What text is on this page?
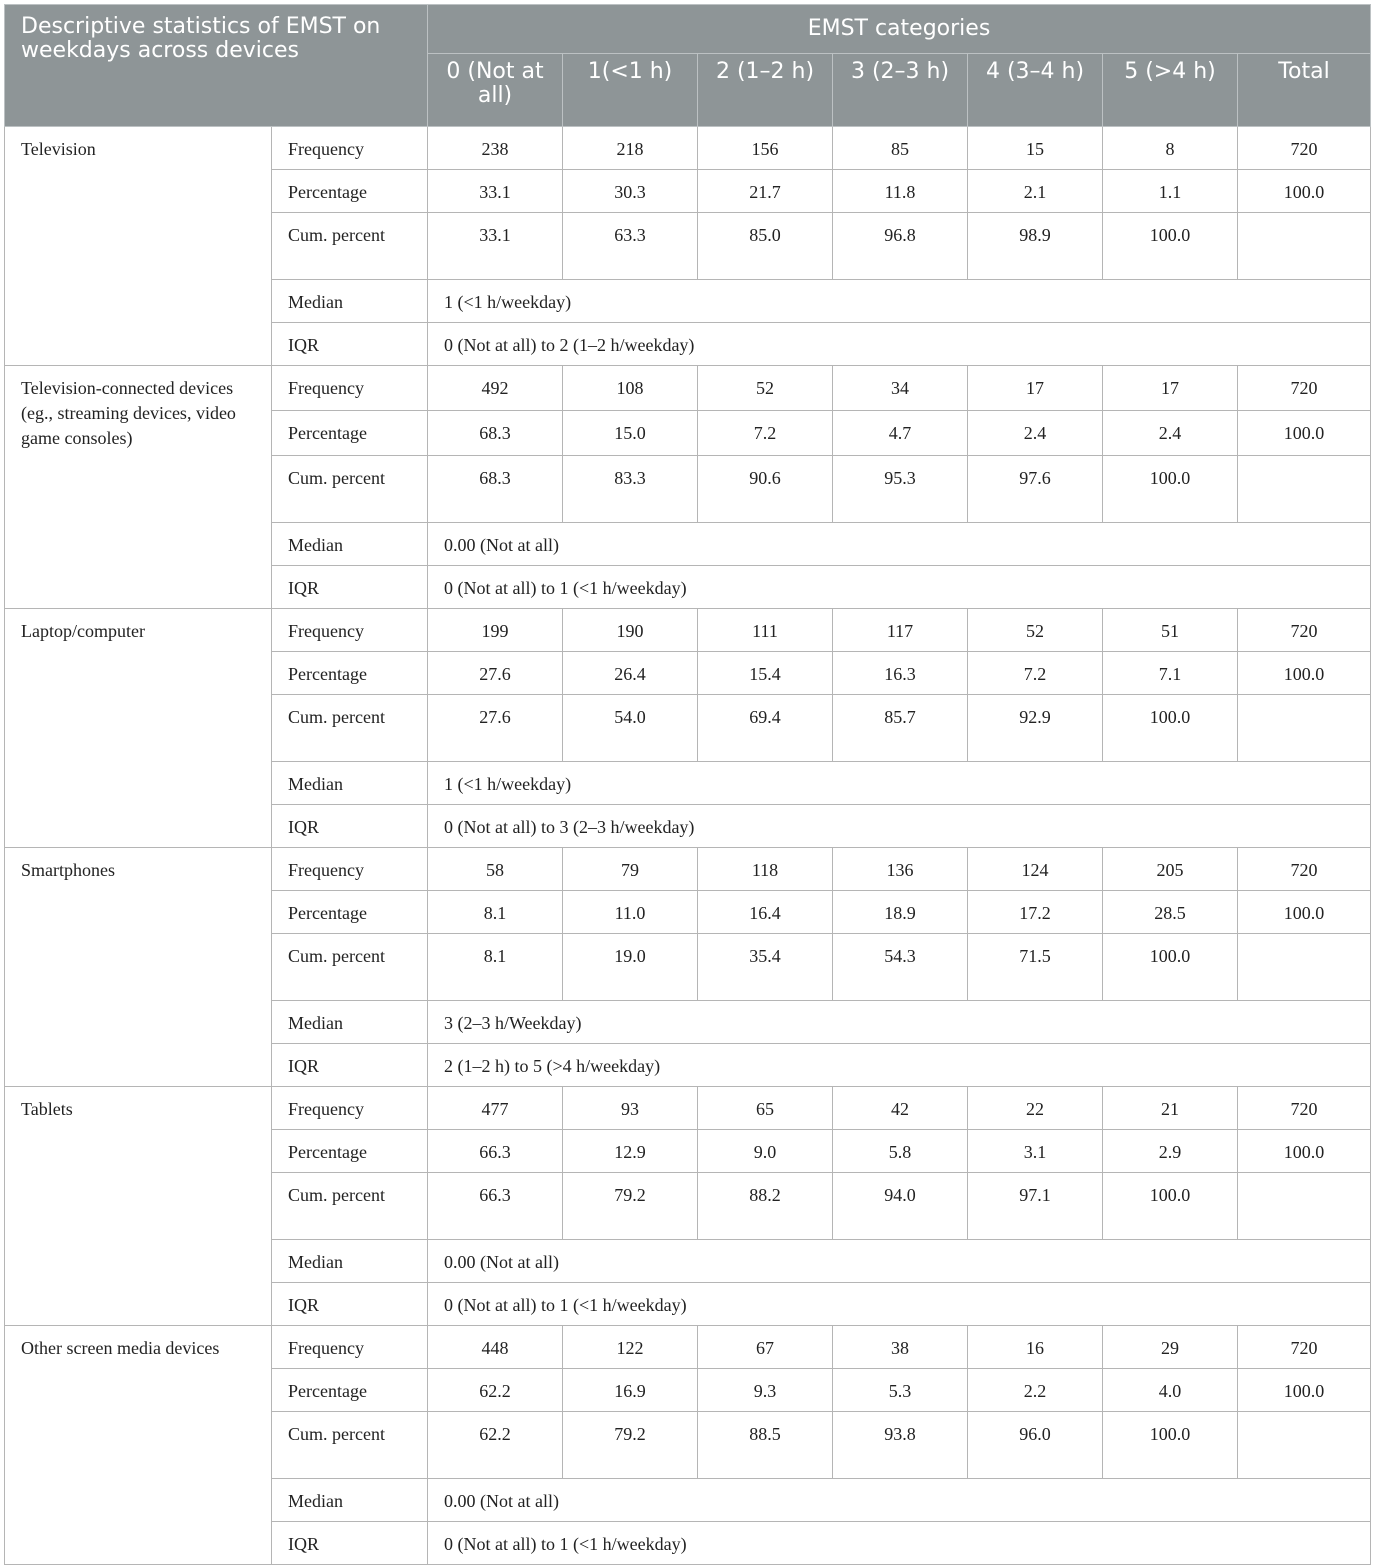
Descriptive statistics of EMST on weekdays across devices		EMST categories						
		0 (Not at all)	1(<1 h)	2 (1–2 h)	3 (2–3 h)	4 (3–4 h)	5 (>4 h)	Total
Television	Frequency	238	218	156	85	15	8	720
	Percentage	33.1	30.3	21.7	11.8	2.1	1.1	100.0
	Cum. percent	33.1	63.3	85.0	96.8	98.9	100.0	
	Median	1 (<1 h/weekday)						
	IQR	0 (Not at all) to 2 (1–2 h/weekday)						
Television-connected devices (eg., streaming devices, video game consoles)	Frequency	492	108	52	34	17	17	720
	Percentage	68.3	15.0	7.2	4.7	2.4	2.4	100.0
	Cum. percent	68.3	83.3	90.6	95.3	97.6	100.0	
	Median	0.00 (Not at all)						
	IQR	0 (Not at all) to 1 (<1 h/weekday)						
Laptop/computer	Frequency	199	190	111	117	52	51	720
	Percentage	27.6	26.4	15.4	16.3	7.2	7.1	100.0
	Cum. percent	27.6	54.0	69.4	85.7	92.9	100.0	
	Median	1 (<1 h/weekday)						
	IQR	0 (Not at all) to 3 (2–3 h/weekday)						
Smartphones	Frequency	58	79	118	136	124	205	720
	Percentage	8.1	11.0	16.4	18.9	17.2	28.5	100.0
	Cum. percent	8.1	19.0	35.4	54.3	71.5	100.0	
	Median	3 (2–3 h/Weekday)						
	IQR	2 (1–2 h) to 5 (>4 h/weekday)						
Tablets	Frequency	477	93	65	42	22	21	720
	Percentage	66.3	12.9	9.0	5.8	3.1	2.9	100.0
	Cum. percent	66.3	79.2	88.2	94.0	97.1	100.0	
	Median	0.00 (Not at all)						
	IQR	0 (Not at all) to 1 (<1 h/weekday)						
Other screen media devices	Frequency	448	122	67	38	16	29	720
	Percentage	62.2	16.9	9.3	5.3	2.2	4.0	100.0
	Cum. percent	62.2	79.2	88.5	93.8	96.0	100.0	
	Median	0.00 (Not at all)						
	IQR	0 (Not at all) to 1 (<1 h/weekday)						
